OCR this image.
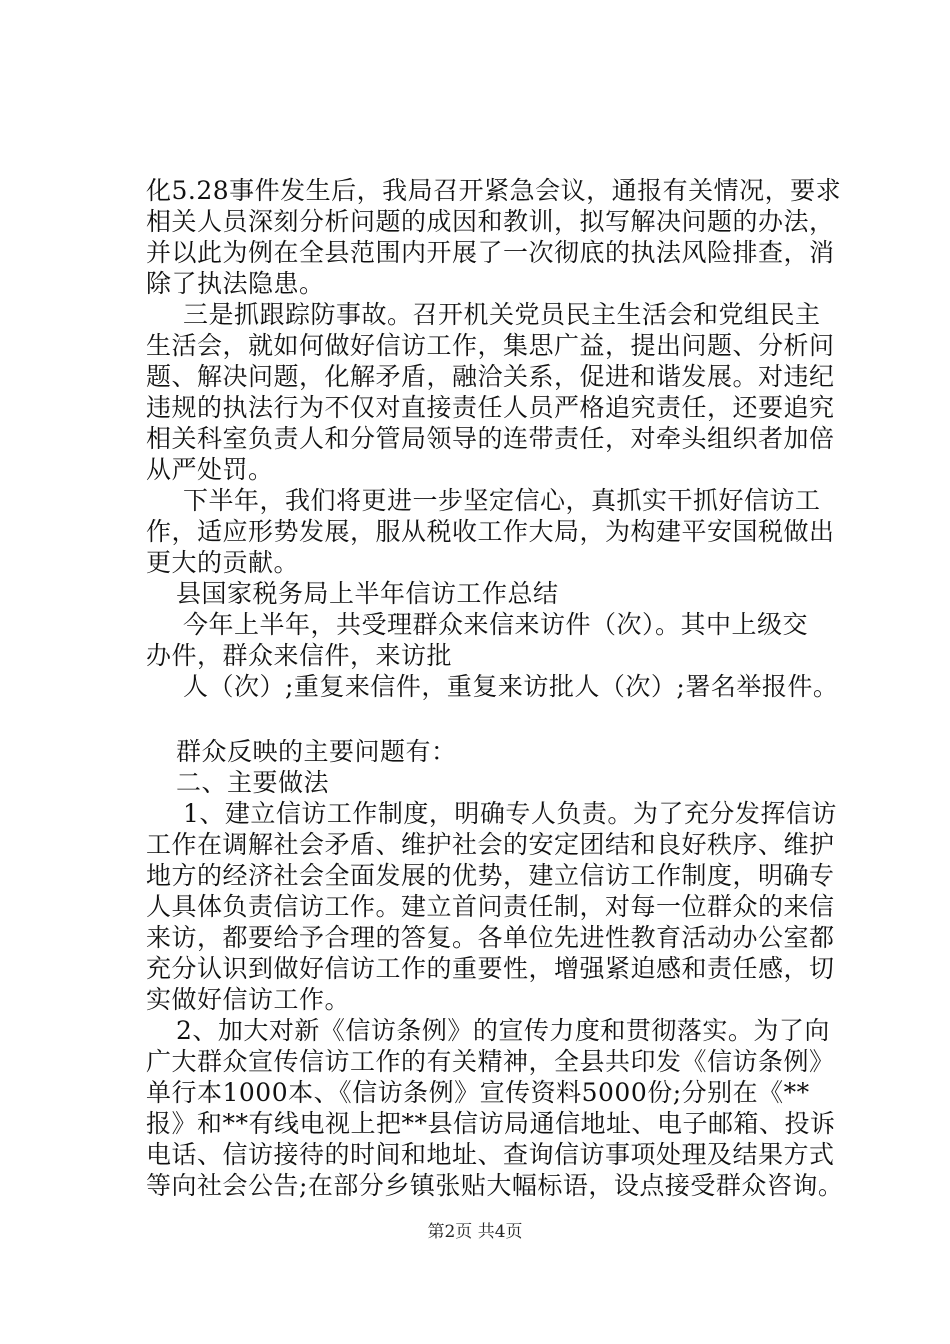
化5.28事件发生后，我局召开紧急会议，通报有关情况，要求
相关人员深刻分析问题的成因和教训，拟写解决问题的办法，
并以此为例在全县范围内开展了一次彻底的执法风险排查，消
除了执法隐患。
三是抓跟踪防事故。召开机关党员民主生活会和党组民主
生活会，就如何做好信访工作，集思广益，提出问题、分析问
题、解决问题，化解矛盾，融洽关系，促进和谐发展。对违纪
违规的执法行为不仅对直接责任人员严格追究责任，还要追究
相关科室负责人和分管局领导的连带责任，对牵头组织者加倍
从严处罚。
下半年，我们将更进一步坚定信心，真抓实干抓好信访工
作，适应形势发展，服从税收工作大局，为构建平安国税做出
更大的贡献。
县国家税务局上半年信访工作总结
今年上半年，共受理群众来信来访件（次）。其中上级交
办件，群众来信件，来访批
人（次）;重复来信件，重复来访批人（次）;署名举报件。
群众反映的主要问题有：
二、主要做法
1、建立信访工作制度，明确专人负责。为了充分发挥信访
工作在调解社会矛盾、维护社会的安定团结和良好秩序、维护
地方的经济社会全面发展的优势，建立信访工作制度，明确专
人具体负责信访工作。建立首问责任制，对每一位群众的来信
来访，都要给予合理的答复。各单位先进性教育活动办公室都
充分认识到做好信访工作的重要性，增强紧迫感和责任感，切
实做好信访工作。
2、加大对新《信访条例》的宣传力度和贯彻落实。为了向
广大群众宣传信访工作的有关精神，全县共印发《信访条例》
单行本1000本、《信访条例》宣传资料5000份;分别在《**
报》和**有线电视上把**县信访局通信地址、电子邮箱、投诉
电话、信访接待的时间和地址、查询信访事项处理及结果方式
等向社会公告;在部分乡镇张贴大幅标语，设点接受群众咨询。
第2页 共4页
